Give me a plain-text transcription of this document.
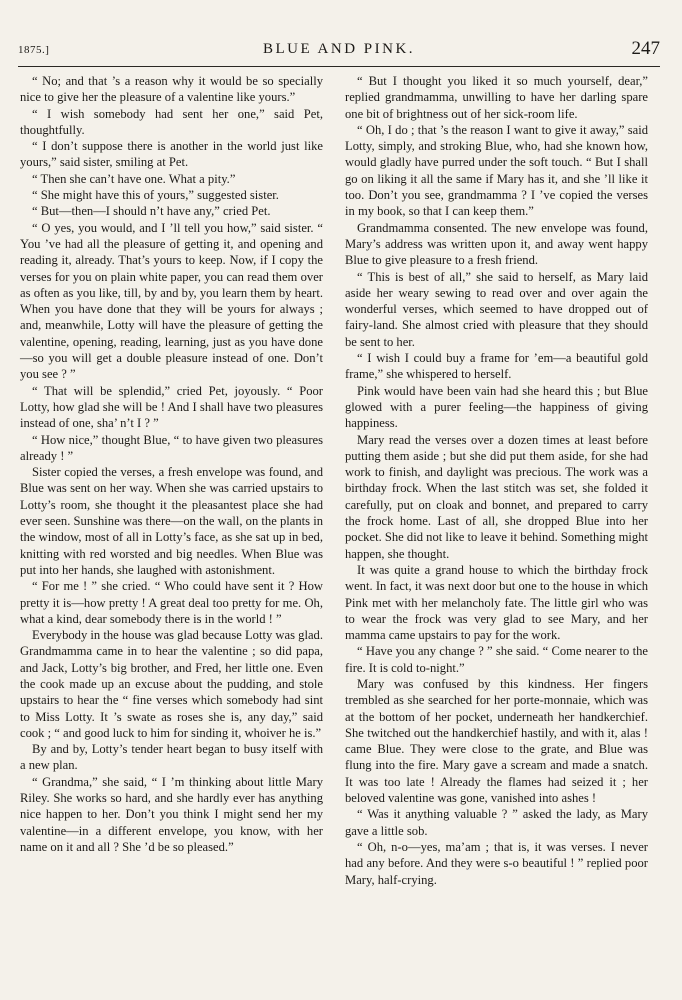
1875.]	BLUE AND PINK.	247

“ No; and that ’s a reason why it would be so specially nice to give her the pleasure of a valentine like yours.”

“ I wish somebody had sent her one,” said Pet, thoughtfully.

“ I don’t suppose there is another in the world just like yours,” said sister, smiling at Pet.

“ Then she can’t have one. What a pity.”

“ She might have this of yours,” suggested sister.

“ But—then—I should n’t have any,” cried Pet.

“ O yes, you would, and I ’ll tell you how,” said sister. “ You ’ve had all the pleasure of getting it, and opening and reading it, already. That’s yours to keep. Now, if I copy the verses for you on plain white paper, you can read them over as often as you like, till, by and by, you learn them by heart. When you have done that they will be yours for always ; and, meanwhile, Lotty will have the pleasure of getting the valentine, opening, reading, learning, just as you have done—so you will get a double pleasure instead of one. Don’t you see ? ”

“ That will be splendid,” cried Pet, joyously. “ Poor Lotty, how glad she will be ! And I shall have two pleasures instead of one, sha’ n’t I ? ”

“ How nice,” thought Blue, “ to have given two pleasures already ! ”

Sister copied the verses, a fresh envelope was found, and Blue was sent on her way. When she was carried upstairs to Lotty’s room, she thought it the pleasantest place she had ever seen. Sunshine was there—on the wall, on the plants in the window, most of all in Lotty’s face, as she sat up in bed, knitting with red worsted and big needles. When Blue was put into her hands, she laughed with astonishment.

“ For me ! ” she cried. “ Who could have sent it ? How pretty it is—how pretty ! A great deal too pretty for me. Oh, what a kind, dear somebody there is in the world ! ”

Everybody in the house was glad because Lotty was glad. Grandmamma came in to hear the valentine ; so did papa, and Jack, Lotty’s big brother, and Fred, her little one. Even the cook made up an excuse about the pudding, and stole upstairs to hear the “ fine verses which somebody had sint to Miss Lotty. It ’s swate as roses she is, any day,” said cook ; “ and good luck to him for sinding it, whoiver he is.”

By and by, Lotty’s tender heart began to busy itself with a new plan.

“ Grandma,” she said, “ I ’m thinking about little Mary Riley. She works so hard, and she hardly ever has anything nice happen to her. Don’t you think I might send her my valentine—in a different envelope, you know, with her name on it and all ? She ’d be so pleased.”

“ But I thought you liked it so much yourself, dear,” replied grandmamma, unwilling to have her darling spare one bit of brightness out of her sick-room life.

“ Oh, I do ; that ’s the reason I want to give it away,” said Lotty, simply, and stroking Blue, who, had she known how, would gladly have purred under the soft touch. “ But I shall go on liking it all the same if Mary has it, and she ’ll like it too. Don’t you see, grandmamma ? I ’ve copied the verses in my book, so that I can keep them.”

Grandmamma consented. The new envelope was found, Mary’s address was written upon it, and away went happy Blue to give pleasure to a fresh friend.

“ This is best of all,” she said to herself, as Mary laid aside her weary sewing to read over and over again the wonderful verses, which seemed to have dropped out of fairy-land. She almost cried with pleasure that they should be sent to her.

“ I wish I could buy a frame for ’em—a beautiful gold frame,” she whispered to herself.

Pink would have been vain had she heard this ; but Blue glowed with a purer feeling—the happiness of giving happiness.

Mary read the verses over a dozen times at least before putting them aside ; but she did put them aside, for she had work to finish, and daylight was precious. The work was a birthday frock. When the last stitch was set, she folded it carefully, put on cloak and bonnet, and prepared to carry the frock home. Last of all, she dropped Blue into her pocket. She did not like to leave it behind. Something might happen, she thought.

It was quite a grand house to which the birthday frock went. In fact, it was next door but one to the house in which Pink met with her melancholy fate. The little girl who was to wear the frock was very glad to see Mary, and her mamma came upstairs to pay for the work.

“ Have you any change ? ” she said. “ Come nearer to the fire. It is cold to-night.”

Mary was confused by this kindness. Her fingers trembled as she searched for her porte-monnaie, which was at the bottom of her pocket, underneath her handkerchief. She twitched out the handkerchief hastily, and with it, alas ! came Blue. They were close to the grate, and Blue was flung into the fire. Mary gave a scream and made a snatch. It was too late ! Already the flames had seized it ; her beloved valentine was gone, vanished into ashes !

“ Was it anything valuable ? ” asked the lady, as Mary gave a little sob.

“ Oh, n-o—yes, ma’am ; that is, it was verses. I never had any before. And they were s-o beautiful ! ” replied poor Mary, half-crying.
